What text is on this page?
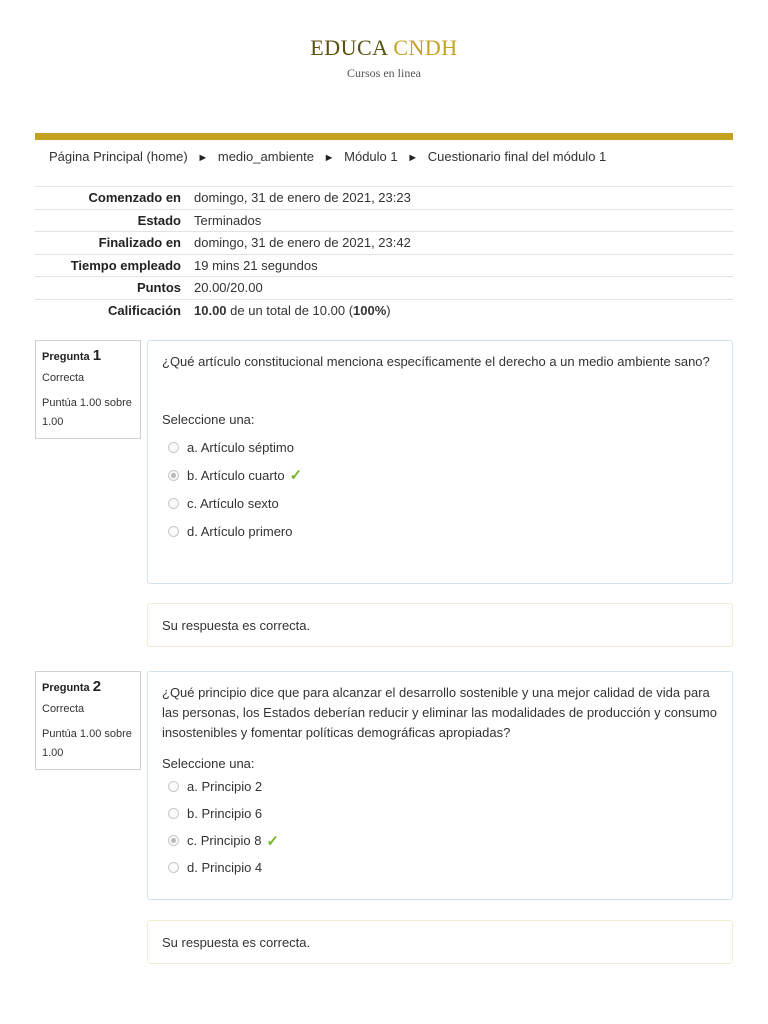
EDUCA CNDH
Cursos en linea
Página Principal (home) ► medio_ambiente ► Módulo 1 ► Cuestionario final del módulo 1
Comenzado en	domingo, 31 de enero de 2021, 23:23
Estado	Terminados
Finalizado en	domingo, 31 de enero de 2021, 23:42
Tiempo empleado	19 mins 21 segundos
Puntos	20.00/20.00
Calificación	10.00 de un total de 10.00 (100%)
Pregunta 1
Correcta
Puntúa 1.00 sobre 1.00
¿Qué artículo constitucional menciona específicamente el derecho a un medio ambiente sano?
Seleccione una:
a. Artículo séptimo
b. Artículo cuarto ✓
c. Artículo sexto
d. Artículo primero
Su respuesta es correcta.
Pregunta 2
Correcta
Puntúa 1.00 sobre 1.00
¿Qué principio dice que para alcanzar el desarrollo sostenible y una mejor calidad de vida para las personas, los Estados deberían reducir y eliminar las modalidades de producción y consumo insostenibles y fomentar políticas demográficas apropiadas?
Seleccione una:
a. Principio 2
b. Principio 6
c. Principio 8 ✓
d. Principio 4
Su respuesta es correcta.
